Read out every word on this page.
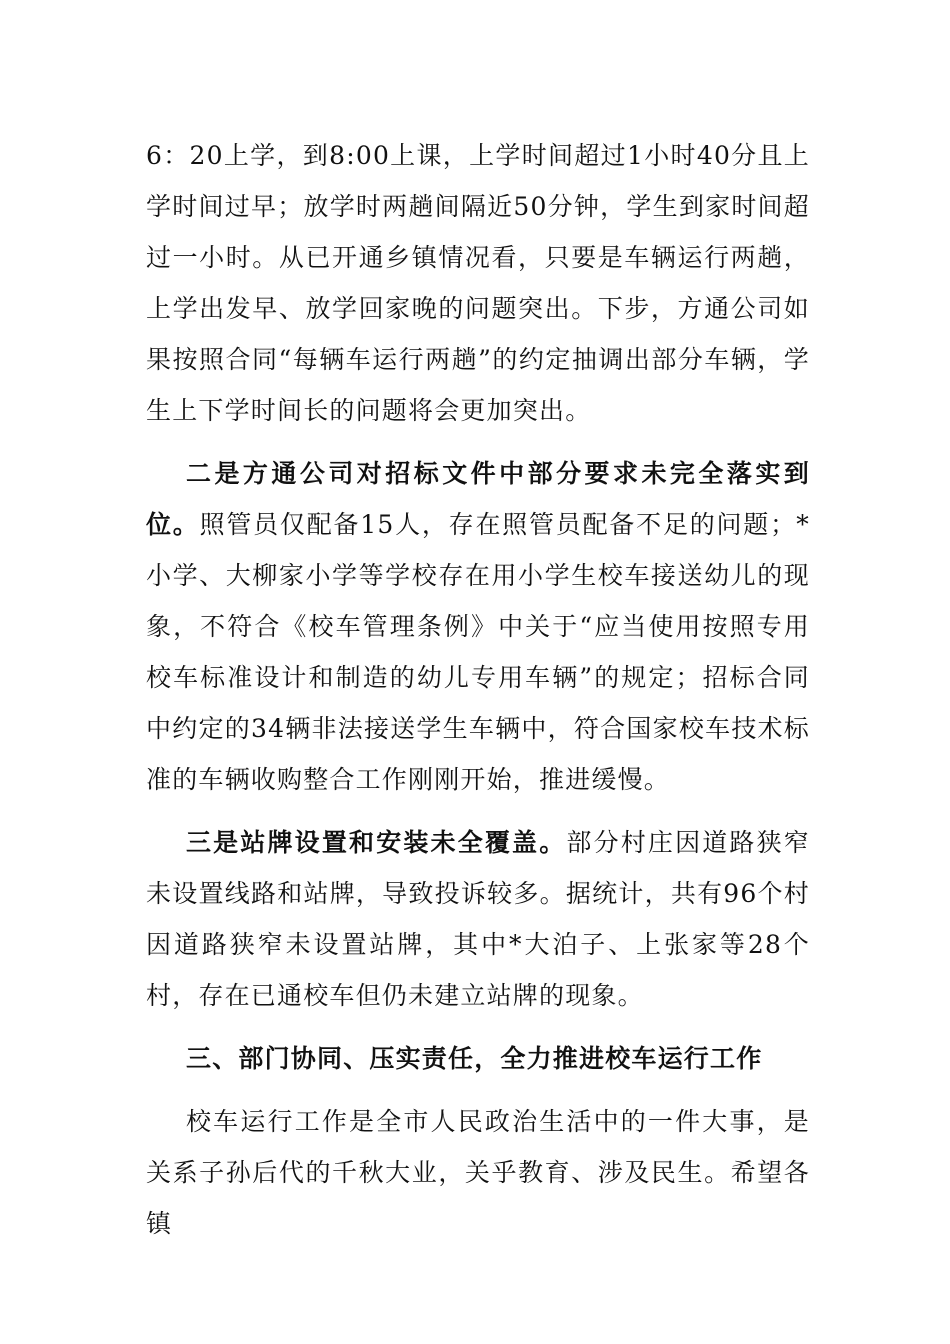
6：20上学，到8:00上课，上学时间超过1小时40分且上学时间过早；放学时两趟间隔近50分钟，学生到家时间超过一小时。从已开通乡镇情况看，只要是车辆运行两趟，上学出发早、放学回家晚的问题突出。下步，方通公司如果按照合同“每辆车运行两趟”的约定抽调出部分车辆，学生上下学时间长的问题将会更加突出。

二是方通公司对招标文件中部分要求未完全落实到位。照管员仅配备15人，存在照管员配备不足的问题；*小学、大柳家小学等学校存在用小学生校车接送幼儿的现象，不符合《校车管理条例》中关于“应当使用按照专用校车标准设计和制造的幼儿专用车辆”的规定；招标合同中约定的34辆非法接送学生车辆中，符合国家校车技术标准的车辆收购整合工作刚刚开始，推进缓慢。

三是站牌设置和安装未全覆盖。部分村庄因道路狭窄未设置线路和站牌，导致投诉较多。据统计，共有96个村因道路狭窄未设置站牌，其中*大泊子、上张家等28个村，存在已通校车但仍未建立站牌的现象。

三、部门协同、压实责任，全力推进校车运行工作

校车运行工作是全市人民政治生活中的一件大事，是关系子孙后代的千秋大业，关乎教育、涉及民生。希望各镇
